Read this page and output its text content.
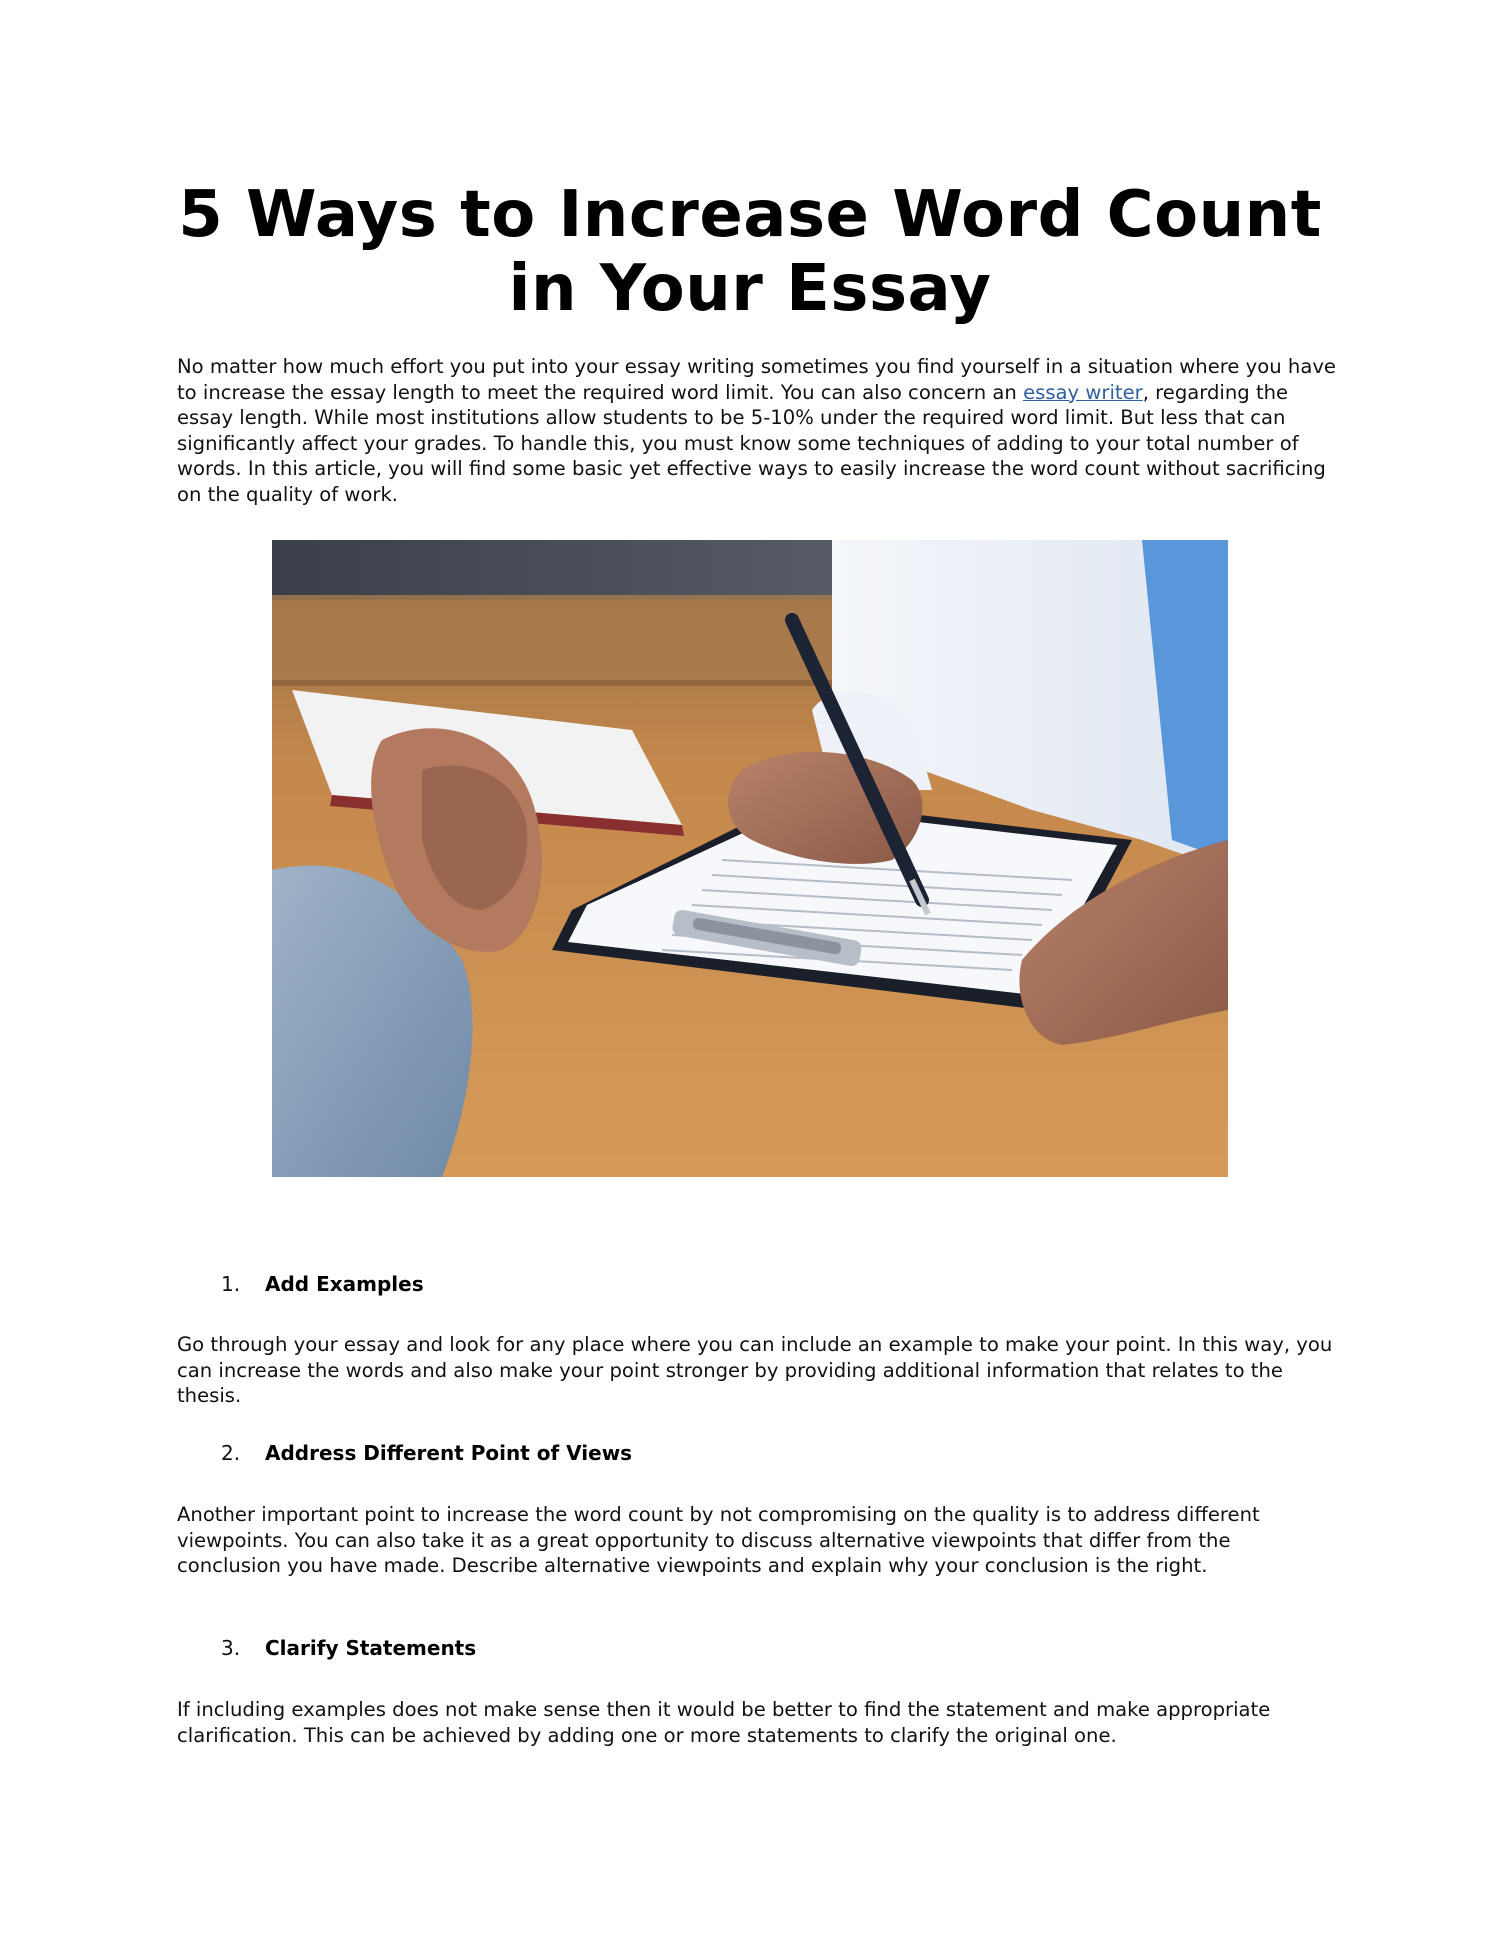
5 Ways to Increase Word Count in Your Essay

No matter how much effort you put into your essay writing sometimes you find yourself in a situation where you have to increase the essay length to meet the required word limit. You can also concern an essay writer, regarding the essay length. While most institutions allow students to be 5-10% under the required word limit. But less that can significantly affect your grades. To handle this, you must know some techniques of adding to your total number of words. In this article, you will find some basic yet effective ways to easily increase the word count without sacrificing on the quality of work.

1. Add Examples

Go through your essay and look for any place where you can include an example to make your point. In this way, you can increase the words and also make your point stronger by providing additional information that relates to the thesis.

2. Address Different Point of Views

Another important point to increase the word count by not compromising on the quality is to address different viewpoints. You can also take it as a great opportunity to discuss alternative viewpoints that differ from the conclusion you have made. Describe alternative viewpoints and explain why your conclusion is the right.

3. Clarify Statements

If including examples does not make sense then it would be better to find the statement and make appropriate clarification. This can be achieved by adding one or more statements to clarify the original one.
